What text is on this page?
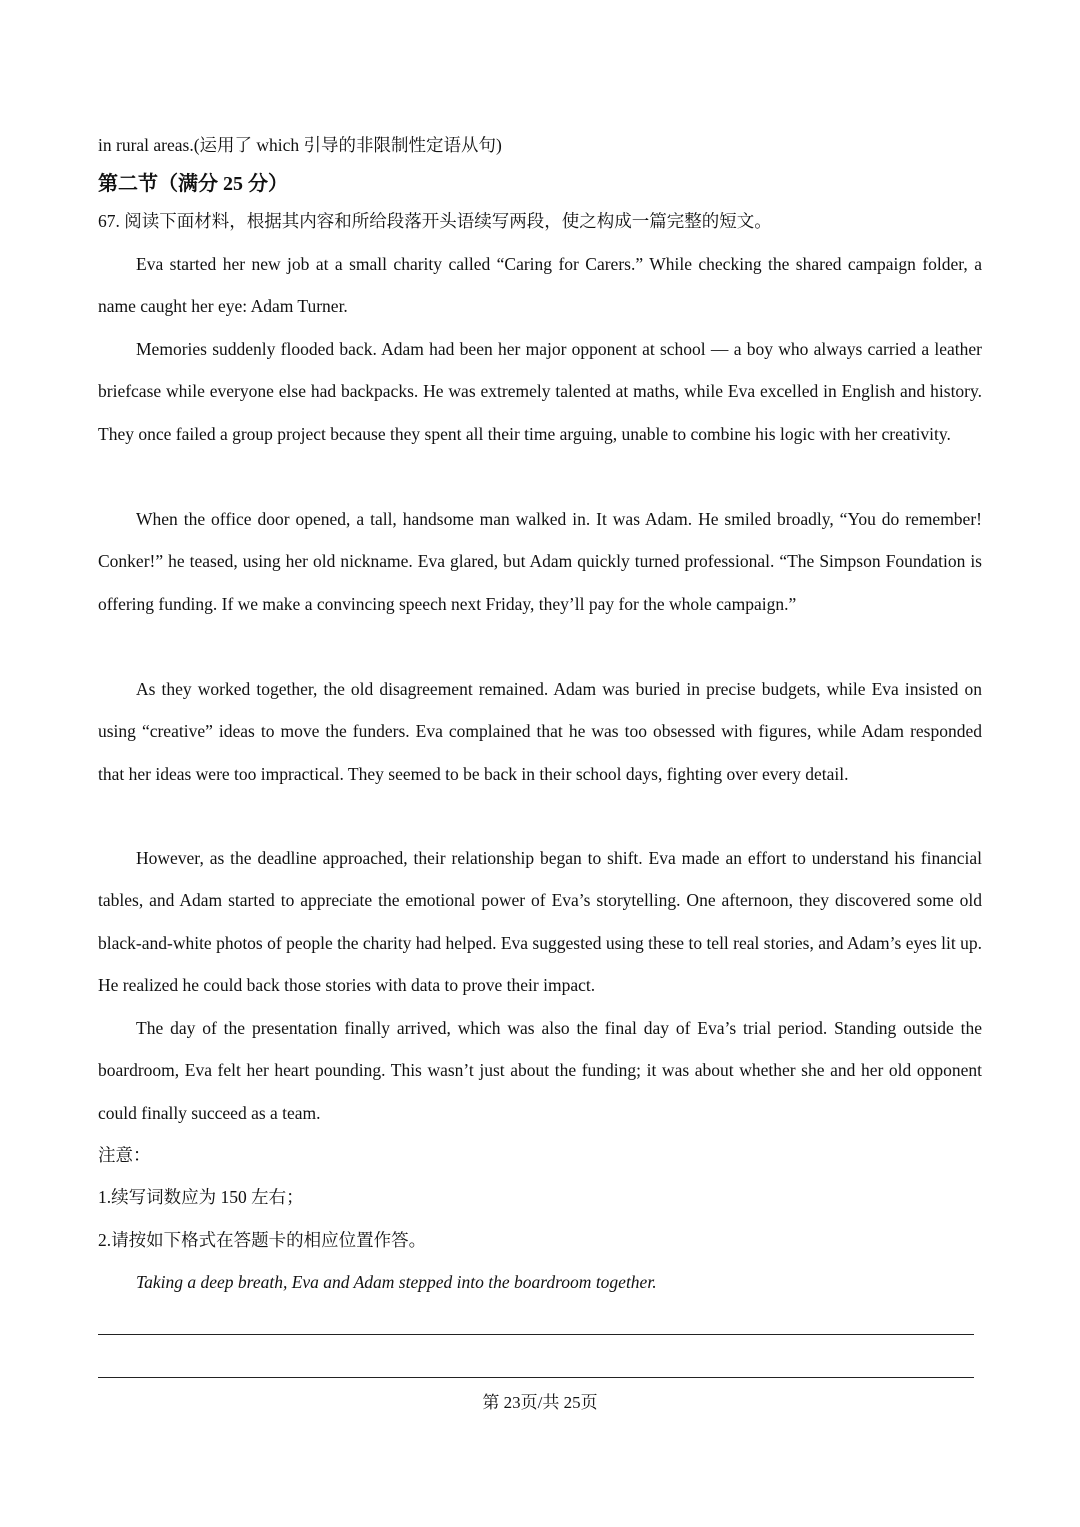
in rural areas.(运用了 which 引导的非限制性定语从句)
第二节（满分 25 分）
67. 阅读下面材料，根据其内容和所给段落开头语续写两段，使之构成一篇完整的短文。
Eva started her new job at a small charity called “Caring for Carers.” While checking the shared campaign folder, a name caught her eye: Adam Turner.
Memories suddenly flooded back. Adam had been her major opponent at school — a boy who always carried a leather briefcase while everyone else had backpacks. He was extremely talented at maths, while Eva excelled in English and history. They once failed a group project because they spent all their time arguing, unable to combine his logic with her creativity.
When the office door opened, a tall, handsome man walked in. It was Adam. He smiled broadly, “You do remember! Conker!” he teased, using her old nickname. Eva glared, but Adam quickly turned professional. “The Simpson Foundation is offering funding. If we make a convincing speech next Friday, they’ll pay for the whole campaign.”
As they worked together, the old disagreement remained. Adam was buried in precise budgets, while Eva insisted on using “creative” ideas to move the funders. Eva complained that he was too obsessed with figures, while Adam responded that her ideas were too impractical. They seemed to be back in their school days, fighting over every detail.
However, as the deadline approached, their relationship began to shift. Eva made an effort to understand his financial tables, and Adam started to appreciate the emotional power of Eva’s storytelling. One afternoon, they discovered some old black-and-white photos of people the charity had helped. Eva suggested using these to tell real stories, and Adam’s eyes lit up. He realized he could back those stories with data to prove their impact.
The day of the presentation finally arrived, which was also the final day of Eva’s trial period. Standing outside the boardroom, Eva felt her heart pounding. This wasn’t just about the funding; it was about whether she and her old opponent could finally succeed as a team.
注意：
1.续写词数应为 150 左右；
2.请按如下格式在答题卡的相应位置作答。
Taking a deep breath, Eva and Adam stepped into the boardroom together.
第 23页/共 25页
